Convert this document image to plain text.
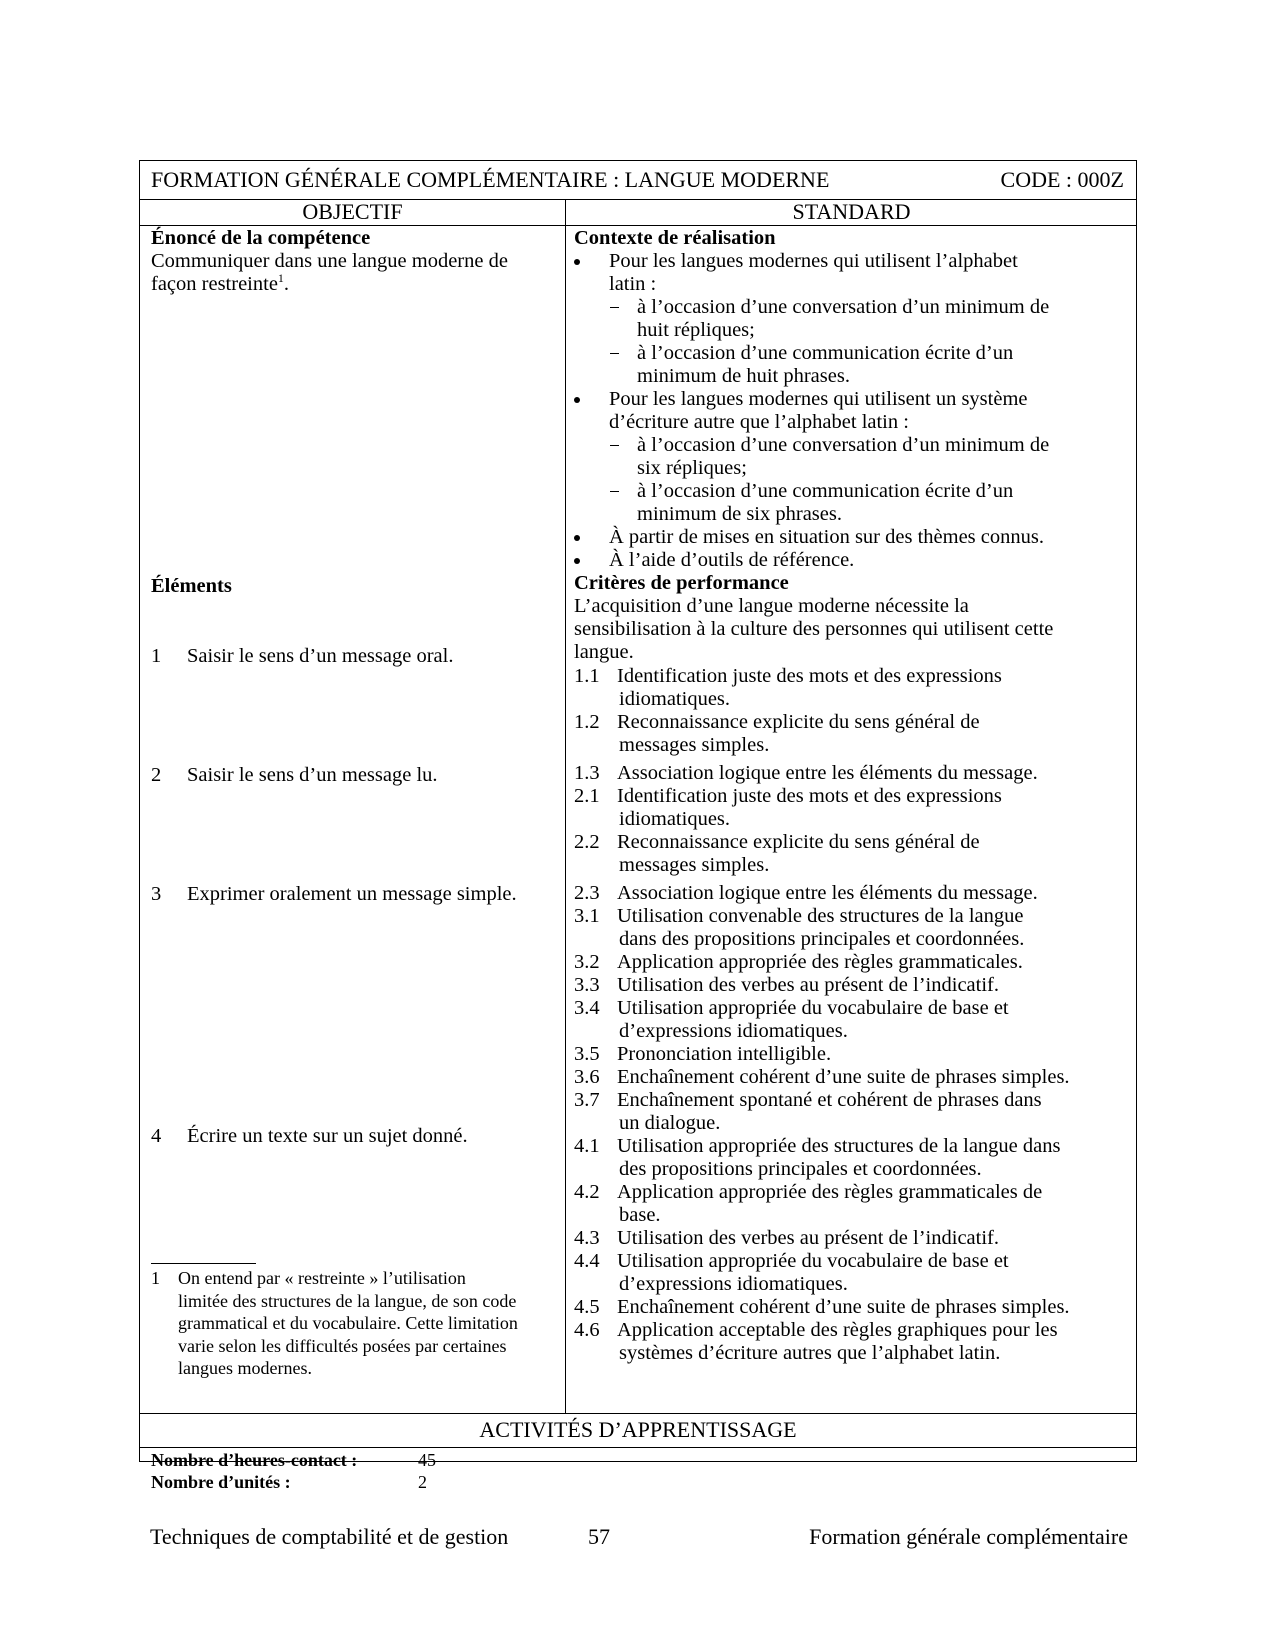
FORMATION GÉNÉRALE COMPLÉMENTAIRE : LANGUE MODERNE	CODE : 000Z
OBJECTIF	STANDARD
Énoncé de la compétence
Communiquer dans une langue moderne de
façon restreinte$^1$.
Éléments
1 Saisir le sens d’un message oral.
2 Saisir le sens d’un message lu.
3 Exprimer oralement un message simple.
4 Écrire un texte sur un sujet donné.
1 On entend par « restreinte » l’utilisation
limitée des structures de la langue, de son code
grammatical et du vocabulaire. Cette limitation
varie selon les difficultés posées par certaines
langues modernes.
Contexte de réalisation
Pour les langues modernes qui utilisent l’alphabet
latin :
à l’occasion d’une conversation d’un minimum de
huit répliques;
à l’occasion d’une communication écrite d’un
minimum de huit phrases.
Pour les langues modernes qui utilisent un système
d’écriture autre que l’alphabet latin :
à l’occasion d’une conversation d’un minimum de
six répliques;
à l’occasion d’une communication écrite d’un
minimum de six phrases.
À partir de mises en situation sur des thèmes connus.
À l’aide d’outils de référence.
Critères de performance
L’acquisition d’une langue moderne nécessite la
sensibilisation à la culture des personnes qui utilisent cette
langue.
1.1 Identification juste des mots et des expressions
idiomatiques.
1.2 Reconnaissance explicite du sens général de
messages simples.
1.3 Association logique entre les éléments du message.
2.1 Identification juste des mots et des expressions
idiomatiques.
2.2 Reconnaissance explicite du sens général de
messages simples.
2.3 Association logique entre les éléments du message.
3.1 Utilisation convenable des structures de la langue
dans des propositions principales et coordonnées.
3.2 Application appropriée des règles grammaticales.
3.3 Utilisation des verbes au présent de l’indicatif.
3.4 Utilisation appropriée du vocabulaire de base et
d’expressions idiomatiques.
3.5 Prononciation intelligible.
3.6 Enchaînement cohérent d’une suite de phrases simples.
3.7 Enchaînement spontané et cohérent de phrases dans
un dialogue.
4.1 Utilisation appropriée des structures de la langue dans
des propositions principales et coordonnées.
4.2 Application appropriée des règles grammaticales de
base.
4.3 Utilisation des verbes au présent de l’indicatif.
4.4 Utilisation appropriée du vocabulaire de base et
d’expressions idiomatiques.
4.5 Enchaînement cohérent d’une suite de phrases simples.
4.6 Application acceptable des règles graphiques pour les
systèmes d’écriture autres que l’alphabet latin.
ACTIVITÉS D’APPRENTISSAGE
Nombre d’heures-contact :	45
Nombre d’unités :	2
Techniques de comptabilité et de gestion	57	Formation générale complémentaire
